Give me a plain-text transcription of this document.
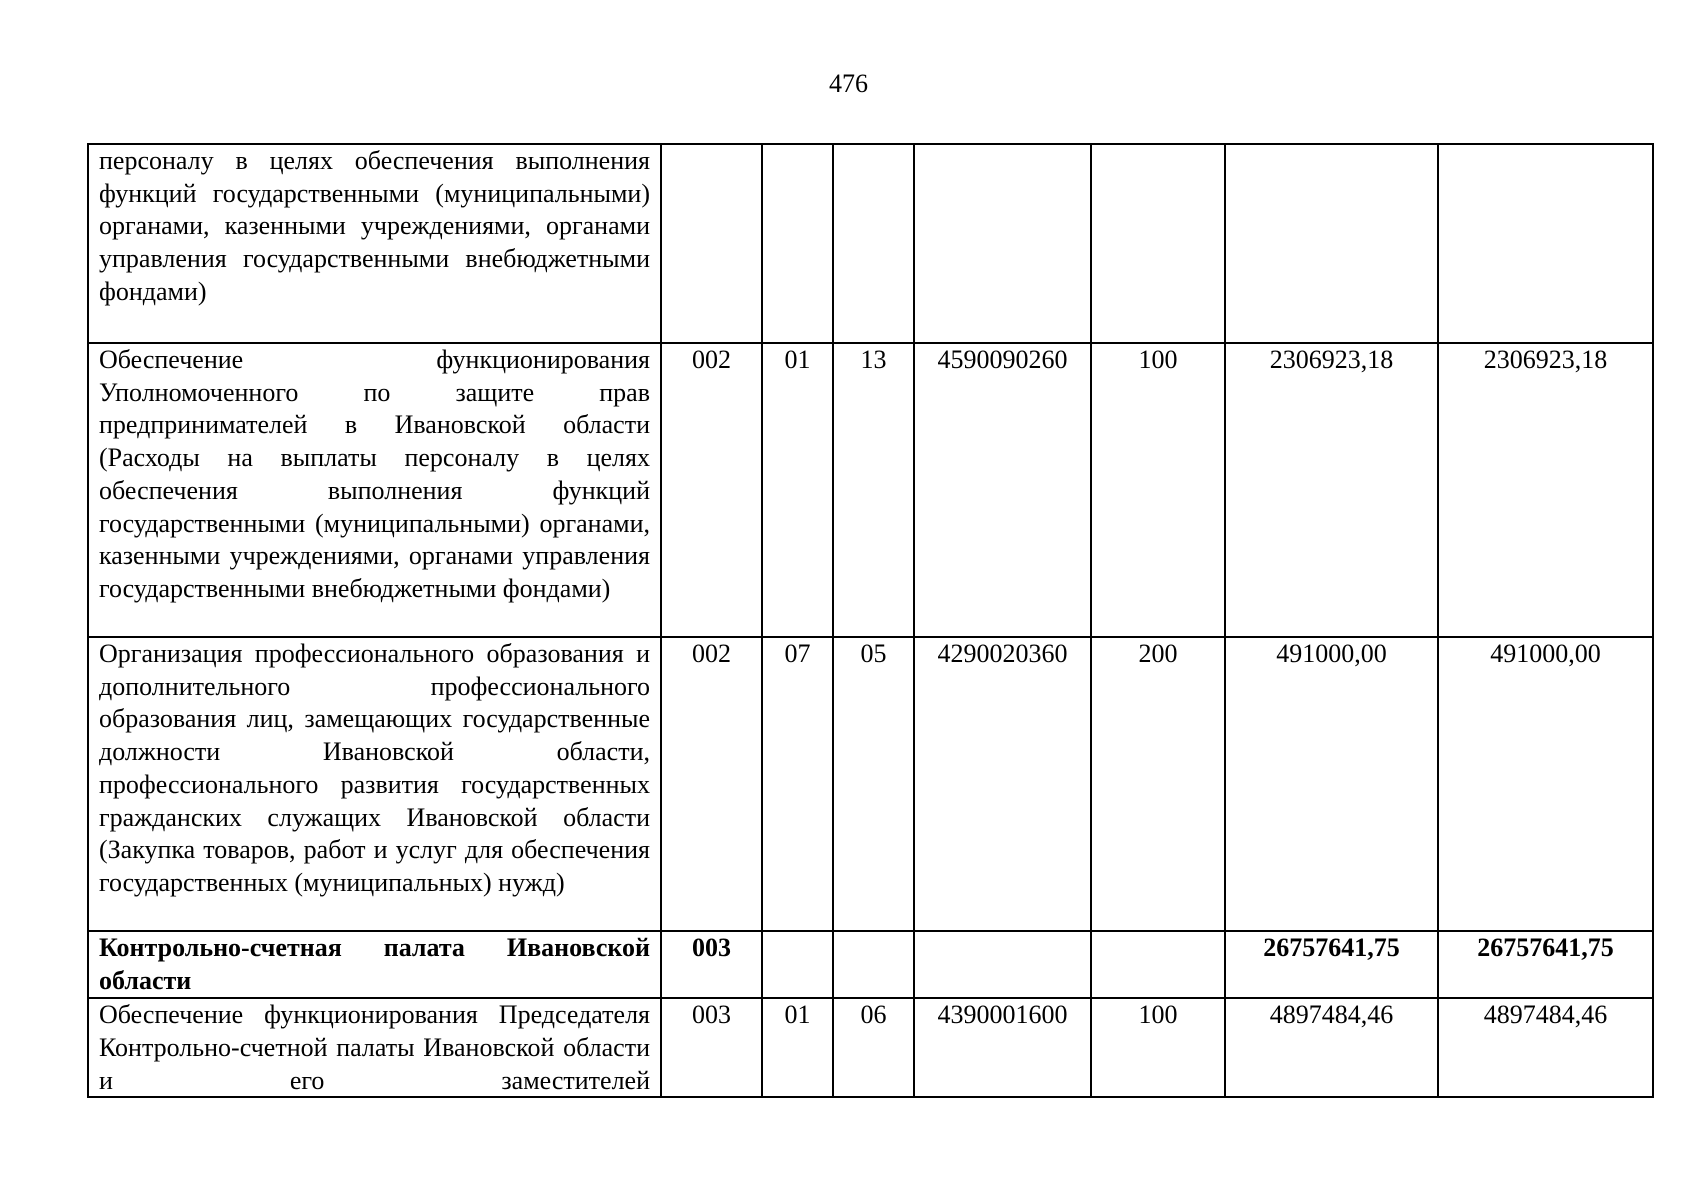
476
персоналу в целях обеспечения выполнения функций государственными (муниципальными) органами, казенными учреждениями, органами управления государственными внебюджетными фондами)							
Обеспечение функционирования Уполномоченного по защите прав предпринимателей в Ивановской области (Расходы на выплаты персоналу в целях обеспечения выполнения функций государственными (муниципальными) органами, казенными учреждениями, органами управления государственными внебюджетными фондами)	002	01	13	4590090260	100	2306923,18	2306923,18
Организация профессионального образования и дополнительного профессионального образования лиц, замещающих государственные должности Ивановской области, профессионального развития государственных гражданских служащих Ивановской области (Закупка товаров, работ и услуг для обеспечения государственных (муниципальных) нужд)	002	07	05	4290020360	200	491000,00	491000,00
Контрольно-счетная палата Ивановской области	003					26757641,75	26757641,75

Обеспечение функционирования Председателя Контрольно-счетной палаты Ивановской области и его заместителей	003	01	06	4390001600	100	4897484,46	4897484,46
